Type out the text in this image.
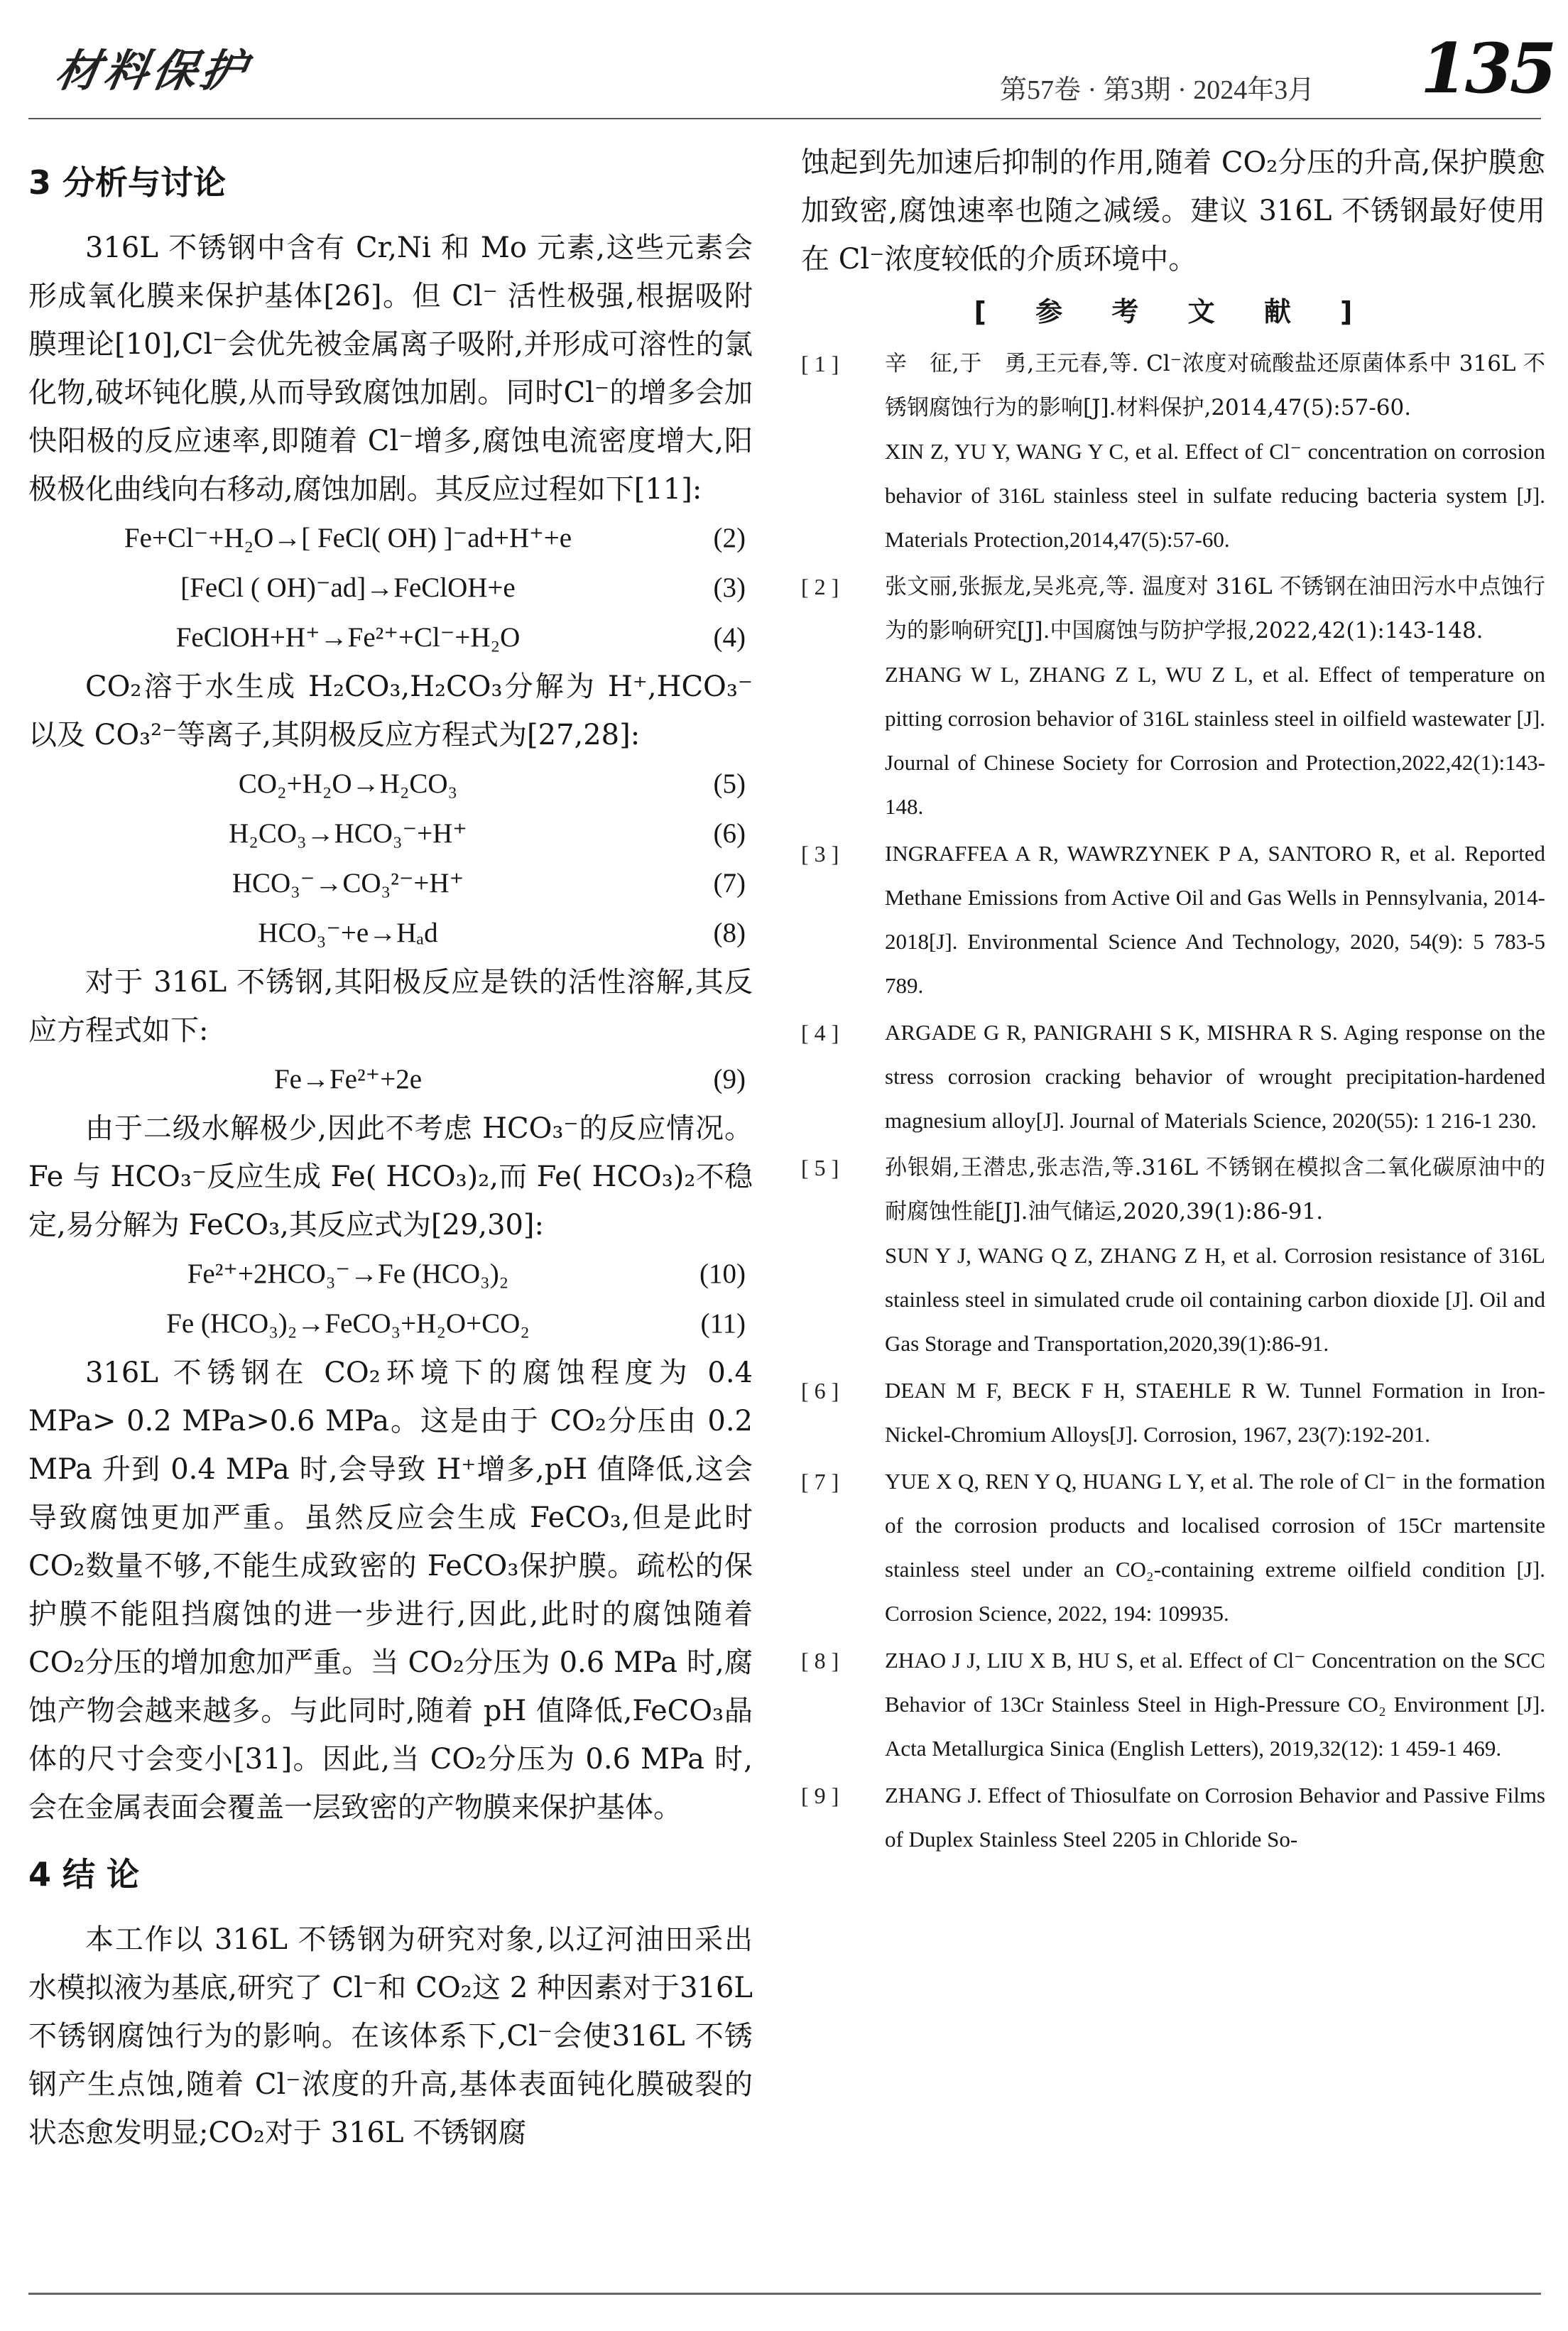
材料保护	第57卷 · 第3期 · 2024年3月 135
3 分析与讨论

316L 不锈钢中含有 Cr,Ni 和 Mo 元素,这些元素会形成氧化膜来保护基体[26]。但 Cl⁻ 活性极强,根据吸附膜理论[10],Cl⁻会优先被金属离子吸附,并形成可溶性的氯化物,破坏钝化膜,从而导致腐蚀加剧。同时Cl⁻的增多会加快阳极的反应速率,即随着 Cl⁻增多,腐蚀电流密度增大,阳极极化曲线向右移动,腐蚀加剧。其反应过程如下[11]:

Fe+Cl⁻+H₂O→[ FeCl( OH) ]⁻ad+H⁺+e	(2)
[FeCl ( OH)⁻ad]→FeClOH+e	(3)
FeClOH+H⁺→Fe²⁺+Cl⁻+H₂O	(4)

CO₂溶于水生成 H₂CO₃,H₂CO₃分解为 H⁺,HCO₃⁻以及 CO₃²⁻等离子,其阴极反应方程式为[27,28]:

CO₂+H₂O→H₂CO₃	(5)
H₂CO₃→HCO₃⁻+H⁺	(6)
HCO₃⁻→CO₃²⁻+H⁺	(7)
HCO₃⁻+e→Hₐd	(8)

对于 316L 不锈钢,其阳极反应是铁的活性溶解,其反应方程式如下:

Fe→Fe²⁺+2e	(9)

由于二级水解极少,因此不考虑 HCO₃⁻的反应情况。Fe 与 HCO₃⁻反应生成 Fe( HCO₃)₂,而 Fe( HCO₃)₂不稳定,易分解为 FeCO₃,其反应式为[29,30]:

Fe²⁺+2HCO₃⁻→Fe (HCO₃)₂	(10)
Fe (HCO₃)₂→FeCO₃+H₂O+CO₂	(11)

316L 不锈钢在 CO₂环境下的腐蚀程度为 0.4 MPa> 0.2 MPa>0.6 MPa。这是由于 CO₂分压由 0.2 MPa 升到 0.4 MPa 时,会导致 H⁺增多,pH 值降低,这会导致腐蚀更加严重。虽然反应会生成 FeCO₃,但是此时 CO₂数量不够,不能生成致密的 FeCO₃保护膜。疏松的保护膜不能阻挡腐蚀的进一步进行,因此,此时的腐蚀随着 CO₂分压的增加愈加严重。当 CO₂分压为 0.6 MPa 时,腐蚀产物会越来越多。与此同时,随着 pH 值降低,FeCO₃晶体的尺寸会变小[31]。因此,当 CO₂分压为 0.6 MPa 时,会在金属表面会覆盖一层致密的产物膜来保护基体。

4 结 论

本工作以 316L 不锈钢为研究对象,以辽河油田采出水模拟液为基底,研究了 Cl⁻和 CO₂这 2 种因素对于316L 不锈钢腐蚀行为的影响。在该体系下,Cl⁻会使316L 不锈钢产生点蚀,随着 Cl⁻浓度的升高,基体表面钝化膜破裂的状态愈发明显;CO₂对于 316L 不锈钢腐

蚀起到先加速后抑制的作用,随着 CO₂分压的升高,保护膜愈加致密,腐蚀速率也随之减缓。建议 316L 不锈钢最好使用在 Cl⁻浓度较低的介质环境中。

[ 参 考 文 献 ]
[ 1 ] 辛　征,于　勇,王元春,等. Cl⁻浓度对硫酸盐还原菌体系中 316L 不锈钢腐蚀行为的影响[J].材料保护,2014,47(5):57-60.
XIN Z, YU Y, WANG Y C, et al. Effect of Cl⁻ concentration on corrosion behavior of 316L stainless steel in sulfate reducing bacteria system [J]. Materials Protection,2014,47(5):57-60.
[ 2 ] 张文丽,张振龙,吴兆亮,等. 温度对 316L 不锈钢在油田污水中点蚀行为的影响研究[J].中国腐蚀与防护学报,2022,42(1):143-148.
ZHANG W L, ZHANG Z L, WU Z L, et al. Effect of temperature on pitting corrosion behavior of 316L stainless steel in oilfield wastewater [J]. Journal of Chinese Society for Corrosion and Protection,2022,42(1):143-148.
[ 3 ] INGRAFFEA A R, WAWRZYNEK P A, SANTORO R, et al. Reported Methane Emissions from Active Oil and Gas Wells in Pennsylvania, 2014-2018[J]. Environmental Science And Technology, 2020, 54(9): 5 783-5 789.
[ 4 ] ARGADE G R, PANIGRAHI S K, MISHRA R S. Aging response on the stress corrosion cracking behavior of wrought precipitation-hardened magnesium alloy[J]. Journal of Materials Science, 2020(55): 1 216-1 230.
[ 5 ] 孙银娟,王潜忠,张志浩,等.316L 不锈钢在模拟含二氧化碳原油中的耐腐蚀性能[J].油气储运,2020,39(1):86-91.
SUN Y J, WANG Q Z, ZHANG Z H, et al. Corrosion resistance of 316L stainless steel in simulated crude oil containing carbon dioxide [J]. Oil and Gas Storage and Transportation,2020,39(1):86-91.
[ 6 ] DEAN M F, BECK F H, STAEHLE R W. Tunnel Formation in Iron-Nickel-Chromium Alloys[J]. Corrosion, 1967, 23(7):192-201.
[ 7 ] YUE X Q, REN Y Q, HUANG L Y, et al. The role of Cl⁻ in the formation of the corrosion products and localised corrosion of 15Cr martensite stainless steel under an CO₂-containing extreme oilfield condition [J]. Corrosion Science, 2022, 194: 109935.
[ 8 ] ZHAO J J, LIU X B, HU S, et al. Effect of Cl⁻ Concentration on the SCC Behavior of 13Cr Stainless Steel in High-Pressure CO₂ Environment [J]. Acta Metallurgica Sinica (English Letters), 2019,32(12): 1 459-1 469.
[ 9 ] ZHANG J. Effect of Thiosulfate on Corrosion Behavior and Passive Films of Duplex Stainless Steel 2205 in Chloride So-
